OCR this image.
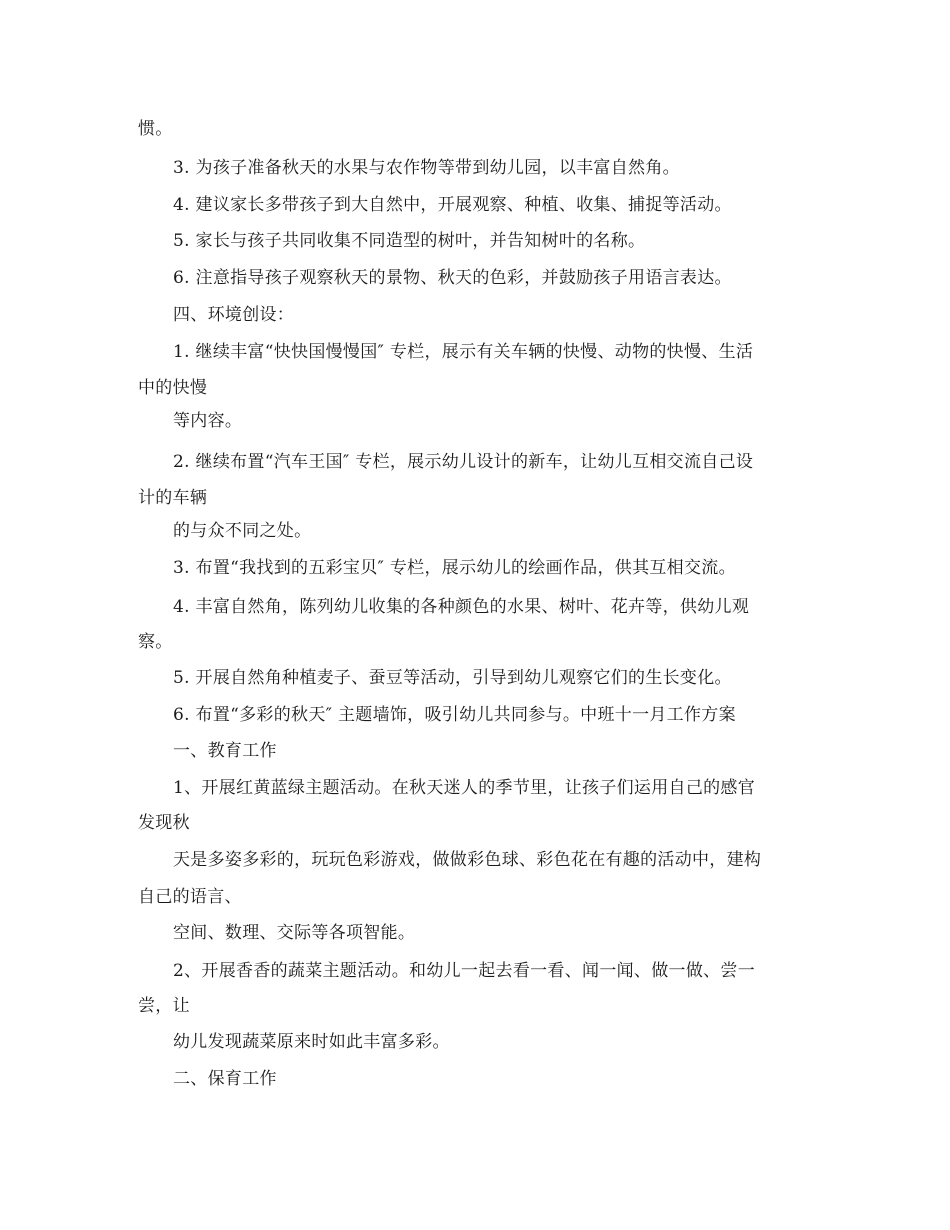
惯。
3. 为孩子准备秋天的水果与农作物等带到幼儿园，以丰富自然角。
4. 建议家长多带孩子到大自然中，开展观察、种植、收集、捕捉等活动。
5. 家长与孩子共同收集不同造型的树叶，并告知树叶的名称。
6. 注意指导孩子观察秋天的景物、秋天的色彩，并鼓励孩子用语言表达。
四、环境创设：
1. 继续丰富“快快国慢慢国″ 专栏，展示有关车辆的快慢、动物的快慢、生活
中的快慢
等内容。
2. 继续布置“汽车王国″ 专栏，展示幼儿设计的新车，让幼儿互相交流自己设
计的车辆
的与众不同之处。
3. 布置“我找到的五彩宝贝″ 专栏，展示幼儿的绘画作品，供其互相交流。
4. 丰富自然角，陈列幼儿收集的各种颜色的水果、树叶、花卉等，供幼儿观
察。
5. 开展自然角种植麦子、蚕豆等活动，引导到幼儿观察它们的生长变化。
6. 布置“多彩的秋天″ 主题墙饰，吸引幼儿共同参与。中班十一月工作方案
一、教育工作
1、开展红黄蓝绿主题活动。在秋天迷人的季节里，让孩子们运用自己的感官
发现秋
天是多姿多彩的，玩玩色彩游戏，做做彩色球、彩色花在有趣的活动中，建构
自己的语言、
空间、数理、交际等各项智能。
2、开展香香的蔬菜主题活动。和幼儿一起去看一看、闻一闻、做一做、尝一
尝，让
幼儿发现蔬菜原来时如此丰富多彩。
二、保育工作
